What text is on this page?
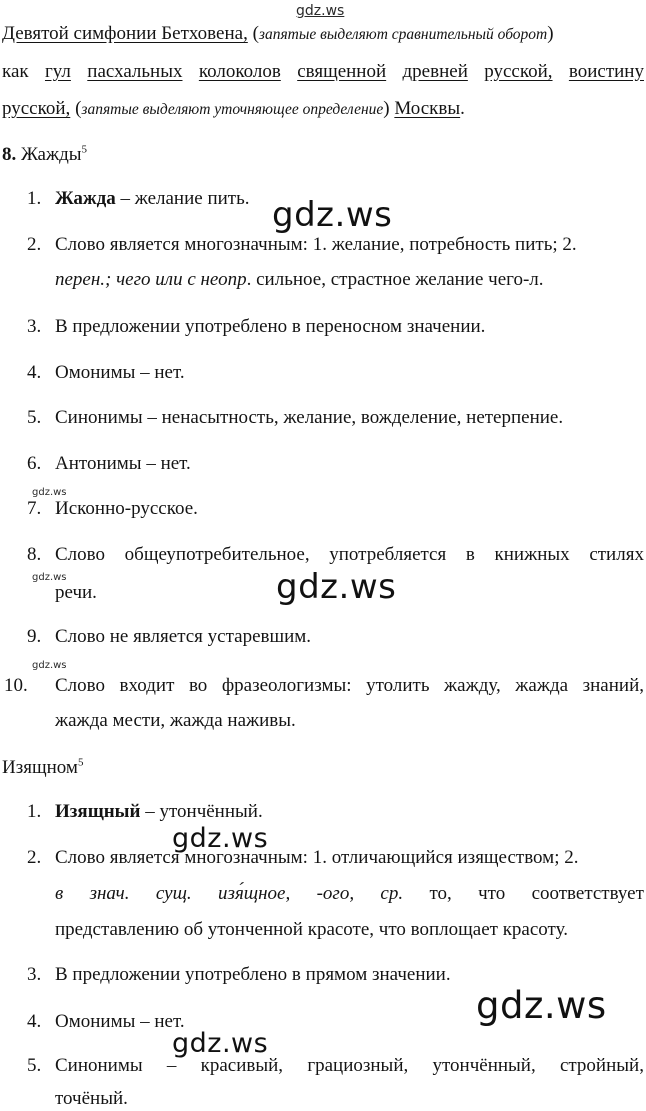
gdz.ws
Девятой симфонии Бетховена, (запятые выделяют сравнительный оборот)
как гул пасхальных колоколов священной древней русской, воистину
русской, (запятые выделяют уточняющее определение) Москвы.
8. Жажды$^5$
1. Жажда – желание пить.
2. Слово является многозначным: 1. желание, потребность пить; 2.
перен.; чего или с неопр. сильное, страстное желание чего-л.
3. В предложении употреблено в переносном значении.
4. Омонимы – нет.
5. Синонимы – ненасытность, желание, вожделение, нетерпение.
6. Антонимы – нет.
gdz.ws
7. Исконно-русское.
8. Слово общеупотребительное, употребляется в книжных стилях
gdz.ws
речи.
9. Слово не является устаревшим.
gdz.ws
10.	Слово входит во фразеологизмы: утолить жажду, жажда знаний,
жажда мести, жажда наживы.
Изящном$^5$
1. Изящный – утончённый.
2. Слово является многозначным: 1. отличающийся изяществом; 2.
в знач. сущ. изя́щное, -ого, ср. то, что соответствует
представлению об утонченной красоте, что воплощает красоту.
3. В предложении употреблено в прямом значении.
4. Омонимы – нет.
5. Синонимы – красивый, грациозный, утончённый, стройный,
точёный.
gdz.ws
gdz.ws
gdz.ws
gdz.ws
gdz.ws
